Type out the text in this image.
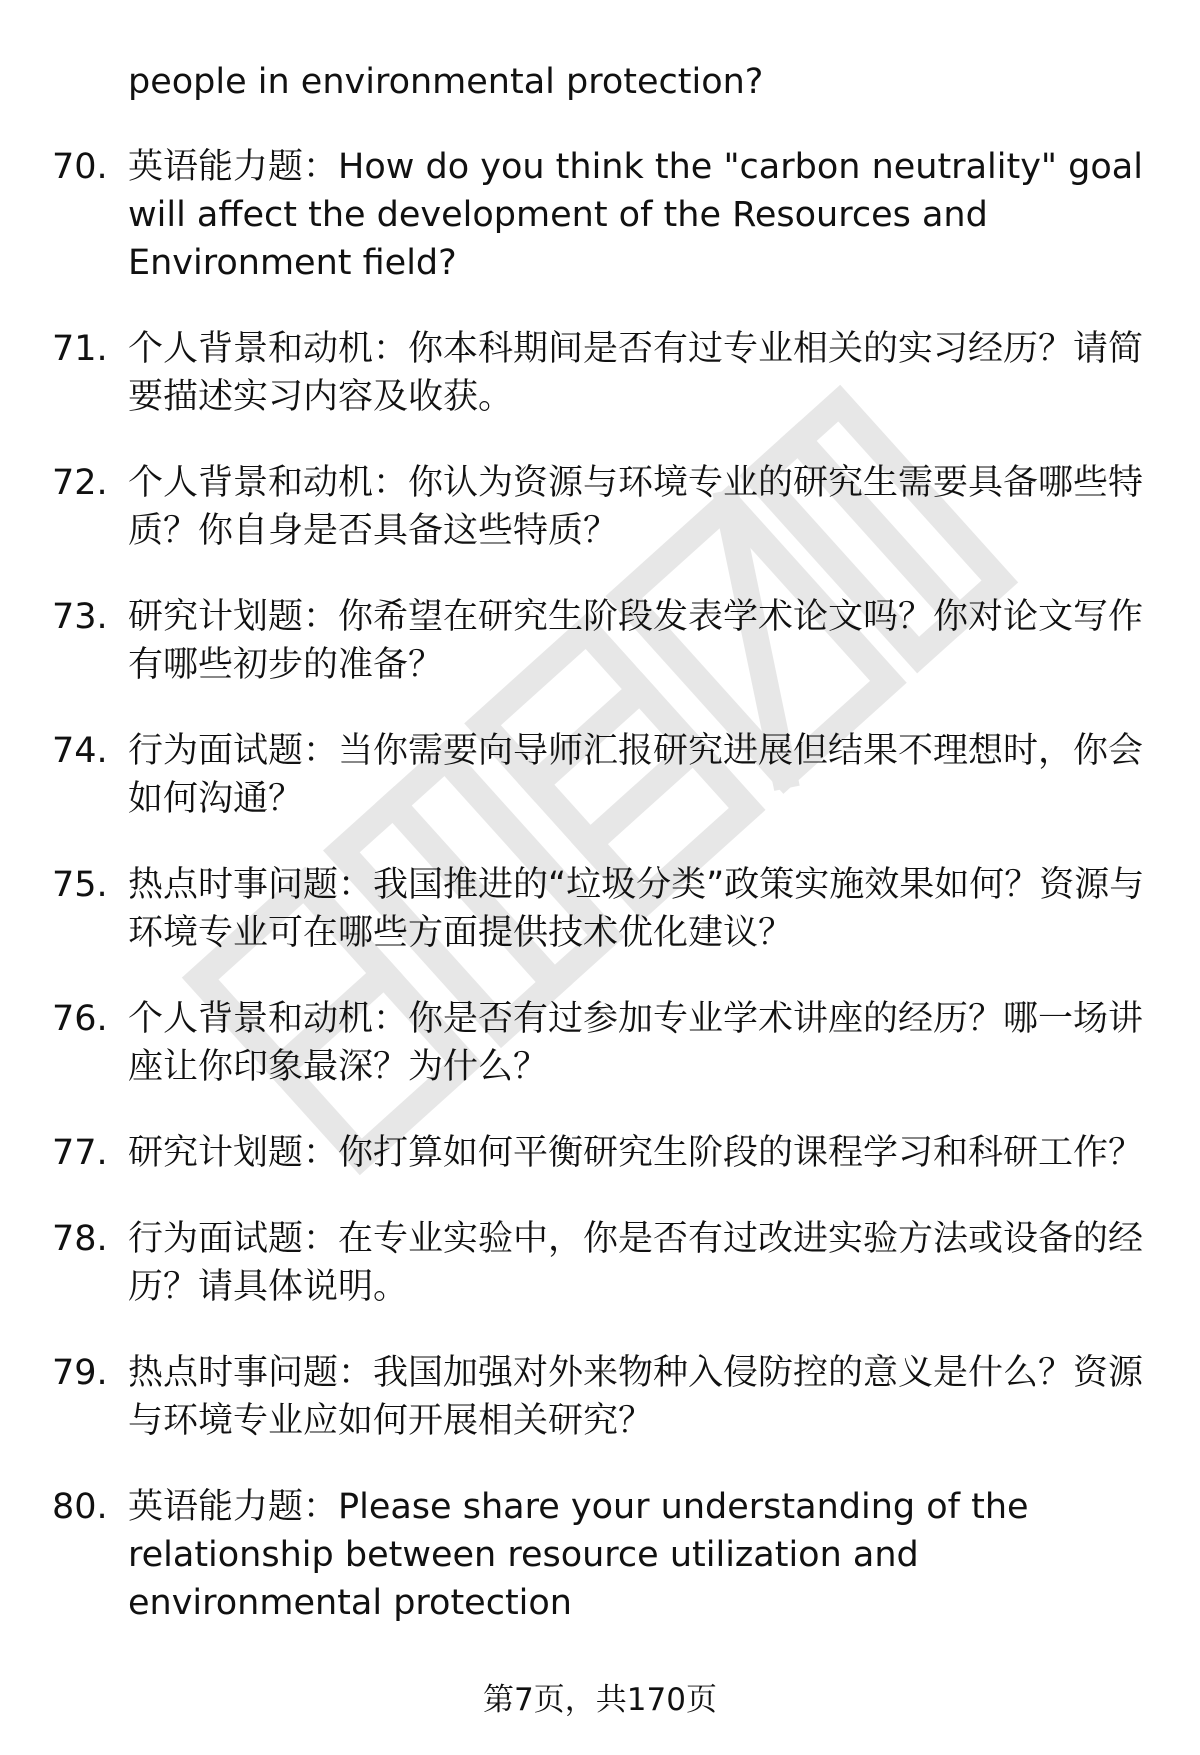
people in environmental protection?

70. 英语能力题：How do you think the "carbon neutrality" goal will affect the development of the Resources and Environment field?

71. 个人背景和动机：你本科期间是否有过专业相关的实习经历？请简要描述实习内容及收获。

72. 个人背景和动机：你认为资源与环境专业的研究生需要具备哪些特质？你自身是否具备这些特质？

73. 研究计划题：你希望在研究生阶段发表学术论文吗？你对论文写作有哪些初步的准备？

74. 行为面试题：当你需要向导师汇报研究进展但结果不理想时，你会如何沟通？

75. 热点时事问题：我国推进的“垃圾分类”政策实施效果如何？资源与环境专业可在哪些方面提供技术优化建议？

76. 个人背景和动机：你是否有过参加专业学术讲座的经历？哪一场讲座让你印象最深？为什么？

77. 研究计划题：你打算如何平衡研究生阶段的课程学习和科研工作？

78. 行为面试题：在专业实验中，你是否有过改进实验方法或设备的经历？请具体说明。

79. 热点时事问题：我国加强对外来物种入侵防控的意义是什么？资源与环境专业应如何开展相关研究？

80. 英语能力题：Please share your understanding of the relationship between resource utilization and environmental protection

第7页，共170页
